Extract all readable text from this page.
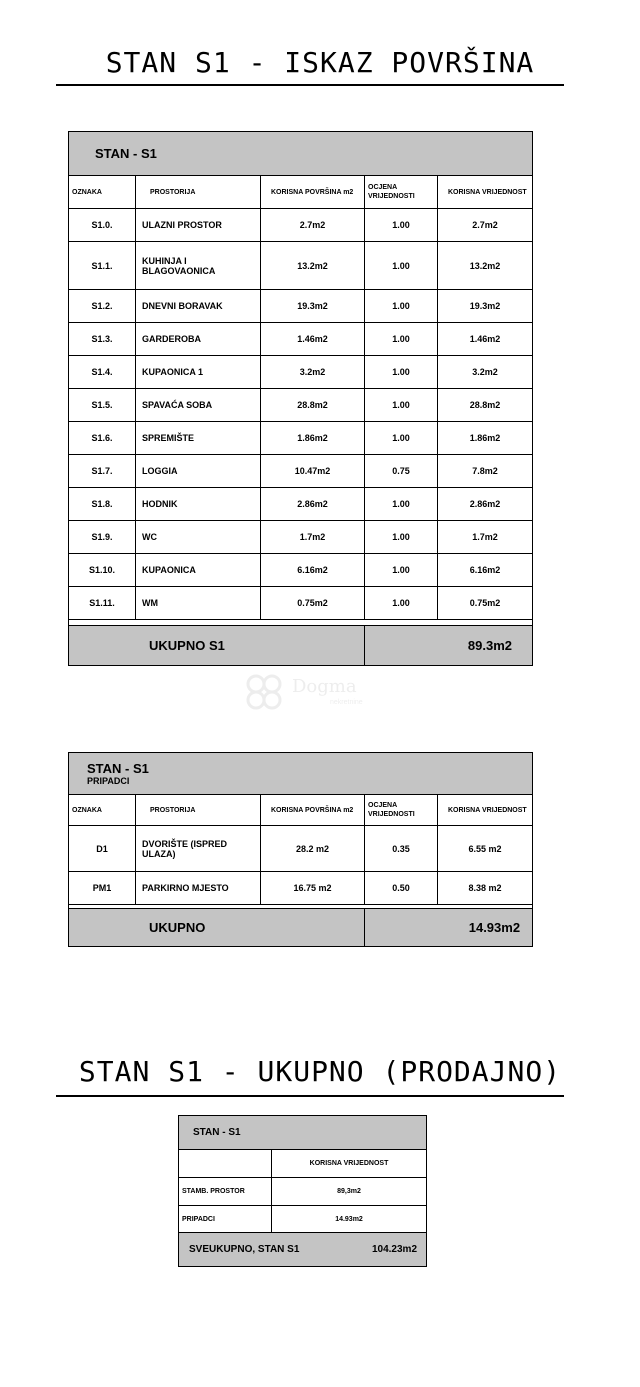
STAN S1 - ISKAZ POVRŠINA
STAN - S1				
OZNAKA	PROSTORIJA	KORISNA POVRŠINA m2	OCJENA VRIJEDNOSTI	KORISNA VRIJEDNOST
S1.0.	ULAZNI PROSTOR	2.7m2	1.00	2.7m2
S1.1.	KUHINJA I BLAGOVAONICA	13.2m2	1.00	13.2m2
S1.2.	DNEVNI BORAVAK	19.3m2	1.00	19.3m2
S1.3.	GARDEROBA	1.46m2	1.00	1.46m2
S1.4.	KUPAONICA 1	3.2m2	1.00	3.2m2
S1.5.	SPAVAĆA SOBA	28.8m2	1.00	28.8m2
S1.6.	SPREMIŠTE	1.86m2	1.00	1.86m2
S1.7.	LOGGIA	10.47m2	0.75	7.8m2
S1.8.	HODNIK	2.86m2	1.00	2.86m2
S1.9.	WC	1.7m2	1.00	1.7m2
S1.10.	KUPAONICA	6.16m2	1.00	6.16m2
S1.11.	WM	0.75m2	1.00	0.75m2

UKUPNO S1			89.3m2	
Dogma
nekretnine
STAN - S1
PRIPADCI				

OZNAKA	PROSTORIJA	KORISNA POVRŠINA m2	OCJENA VRIJEDNOSTI	KORISNA VRIJEDNOST
D1	DVORIŠTE (ISPRED ULAZA)	28.2 m2	0.35	6.55 m2
PM1	PARKIRNO MJESTO	16.75 m2	0.50	8.38 m2

UKUPNO			14.93m2	
STAN S1 - UKUPNO (PRODAJNO)
STAN - S1	
	KORISNA VRIJEDNOST
STAMB. PROSTOR	89,3m2
PRIPADCI	14.93m2
SVEUKUPNO, STAN S1 104.23m2	
